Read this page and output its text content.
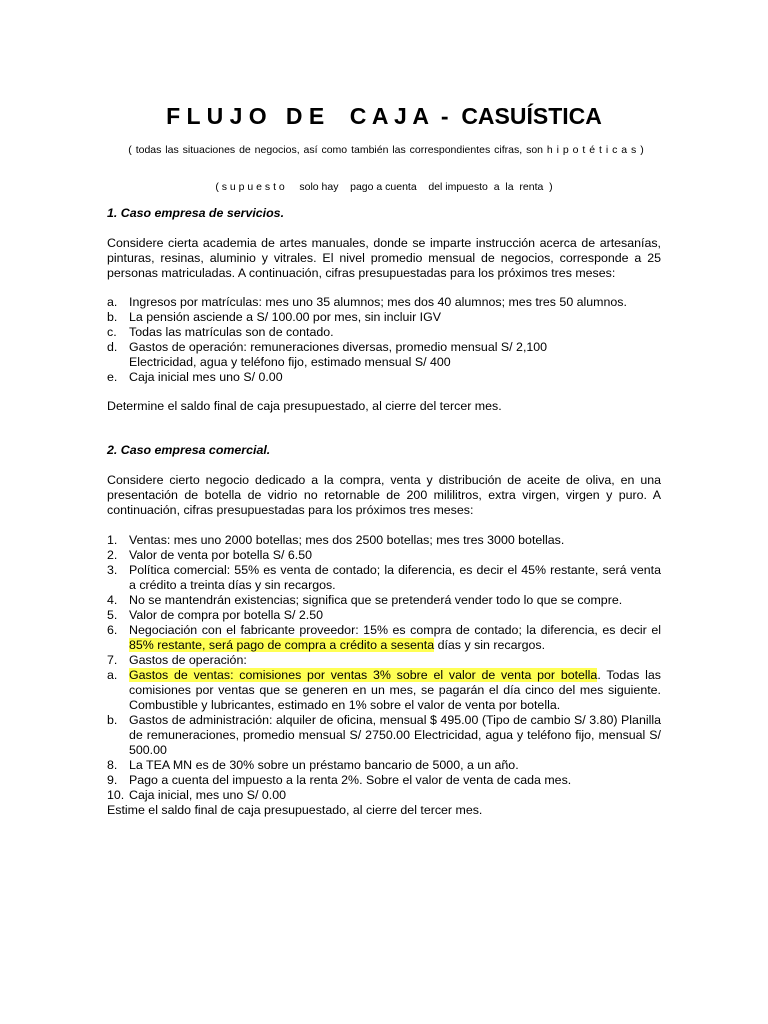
F L U J O   D E    C A J A  -  CASUÍSTICA
( todas las situaciones de negocios, así como también las correspondientes cifras, son h i p o t é t i c a s )
( s u p u e s t o     solo hay    pago a cuenta    del impuesto  a  la  renta  )
1. Caso empresa de servicios.
Considere cierta academia de artes manuales, donde se imparte instrucción acerca de artesanías, pinturas, resinas, aluminio y vitrales. El nivel promedio mensual de negocios, corresponde a 25 personas matriculadas. A continuación, cifras presupuestadas para los próximos tres meses:
a. Ingresos por matrículas: mes uno 35 alumnos; mes dos 40 alumnos; mes tres 50 alumnos.
b. La pensión asciende a S/ 100.00 por mes, sin incluir IGV
c. Todas las matrículas son de contado.
d. Gastos de operación: remuneraciones diversas, promedio mensual S/ 2,100
Electricidad, agua y teléfono fijo, estimado mensual S/ 400
e. Caja inicial mes uno S/ 0.00
Determine el saldo final de caja presupuestado, al cierre del tercer mes.
2. Caso empresa comercial.
Considere cierto negocio dedicado a la compra, venta y distribución de aceite de oliva, en una presentación de botella de vidrio no retornable de 200 mililitros, extra virgen, virgen y puro. A continuación, cifras presupuestadas para los próximos tres meses:
1. Ventas: mes uno 2000 botellas; mes dos 2500 botellas; mes tres 3000 botellas.
2. Valor de venta por botella S/ 6.50
3. Política comercial: 55% es venta de contado; la diferencia, es decir el 45% restante, será venta a crédito a treinta días y sin recargos.
4. No se mantendrán existencias; significa que se pretenderá vender todo lo que se compre.
5. Valor de compra por botella S/ 2.50
6. Negociación con el fabricante proveedor: 15% es compra de contado; la diferencia, es decir el 85% restante, será pago de compra a crédito a sesenta días y sin recargos.
7. Gastos de operación:
a. Gastos de ventas: comisiones por ventas 3% sobre el valor de venta por botella. Todas las comisiones por ventas que se generen en un mes, se pagarán el día cinco del mes siguiente. Combustible y lubricantes, estimado en 1% sobre el valor de venta por botella.
b. Gastos de administración: alquiler de oficina, mensual $ 495.00 (Tipo de cambio S/ 3.80) Planilla de remuneraciones, promedio mensual S/ 2750.00 Electricidad, agua y teléfono fijo, mensual S/ 500.00
8. La TEA MN es de 30% sobre un préstamo bancario de 5000, a un año.
9. Pago a cuenta del impuesto a la renta 2%. Sobre el valor de venta de cada mes.
10. Caja inicial, mes uno S/ 0.00
Estime el saldo final de caja presupuestado, al cierre del tercer mes.
